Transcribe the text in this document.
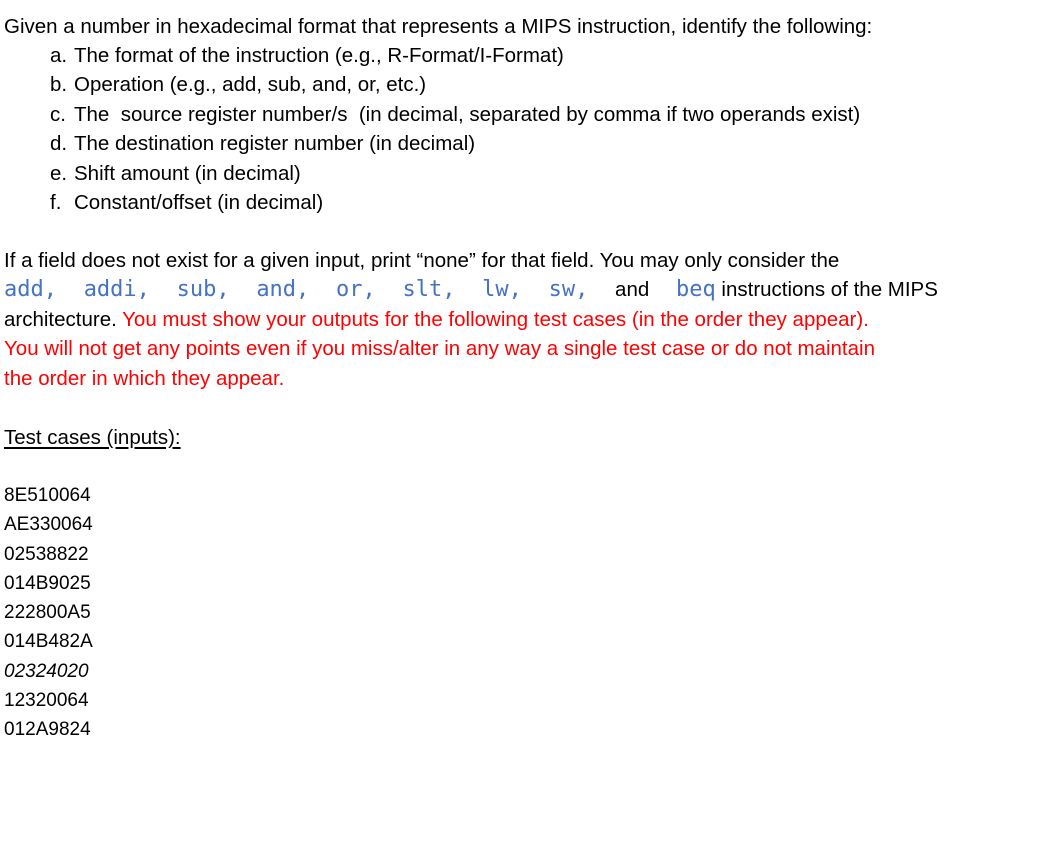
Given a number in hexadecimal format that represents a MIPS instruction, identify the following:
a. The format of the instruction (e.g., R-Format/I-Format)
b. Operation (e.g., add, sub, and, or, etc.)
c. The  source register number/s  (in decimal, separated by comma if two operands exist)
d. The destination register number (in decimal)
e. Shift amount (in decimal)
f. Constant/offset (in decimal)
If a field does not exist for a given input, print “none” for that field. You may only consider the
add, addi, sub, and, or, slt, lw, sw, and beq instructions of the MIPS
architecture. You must show your outputs for the following test cases (in the order they appear).
You will not get any points even if you miss/alter in any way a single test case or do not maintain
the order in which they appear.
Test cases (inputs):
8E510064
AE330064
02538822
014B9025
222800A5
014B482A
02324020
12320064
012A9824
